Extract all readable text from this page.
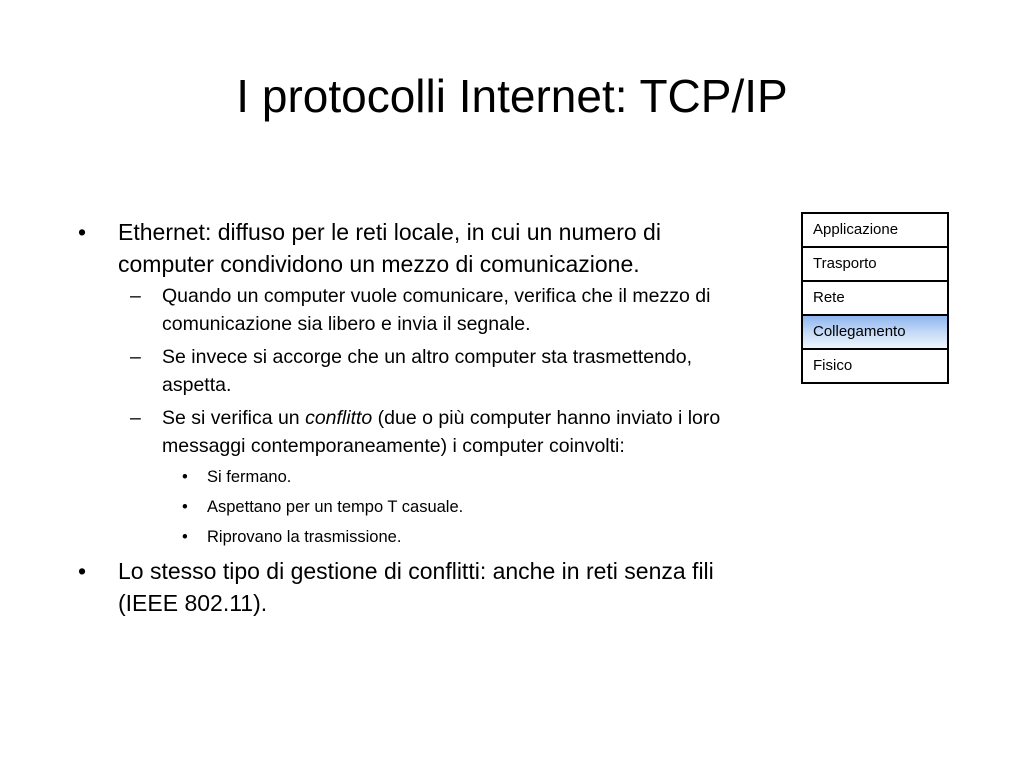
I protocolli Internet: TCP/IP
• Ethernet: diffuso per le reti locale, in cui un numero di computer condividono un mezzo di comunicazione.
– Quando un computer vuole comunicare, verifica che il mezzo di comunicazione sia libero e invia il segnale.
– Se invece si accorge che un altro computer sta trasmettendo, aspetta.
– Se si verifica un conflitto (due o più computer hanno inviato i loro messaggi contemporaneamente) i computer coinvolti:
• Si fermano.
• Aspettano per un tempo T casuale.
• Riprovano la trasmissione.
• Lo stesso tipo di gestione di conflitti: anche in reti senza fili (IEEE 802.11).
Applicazione
Trasporto
Rete
Collegamento
Fisico
